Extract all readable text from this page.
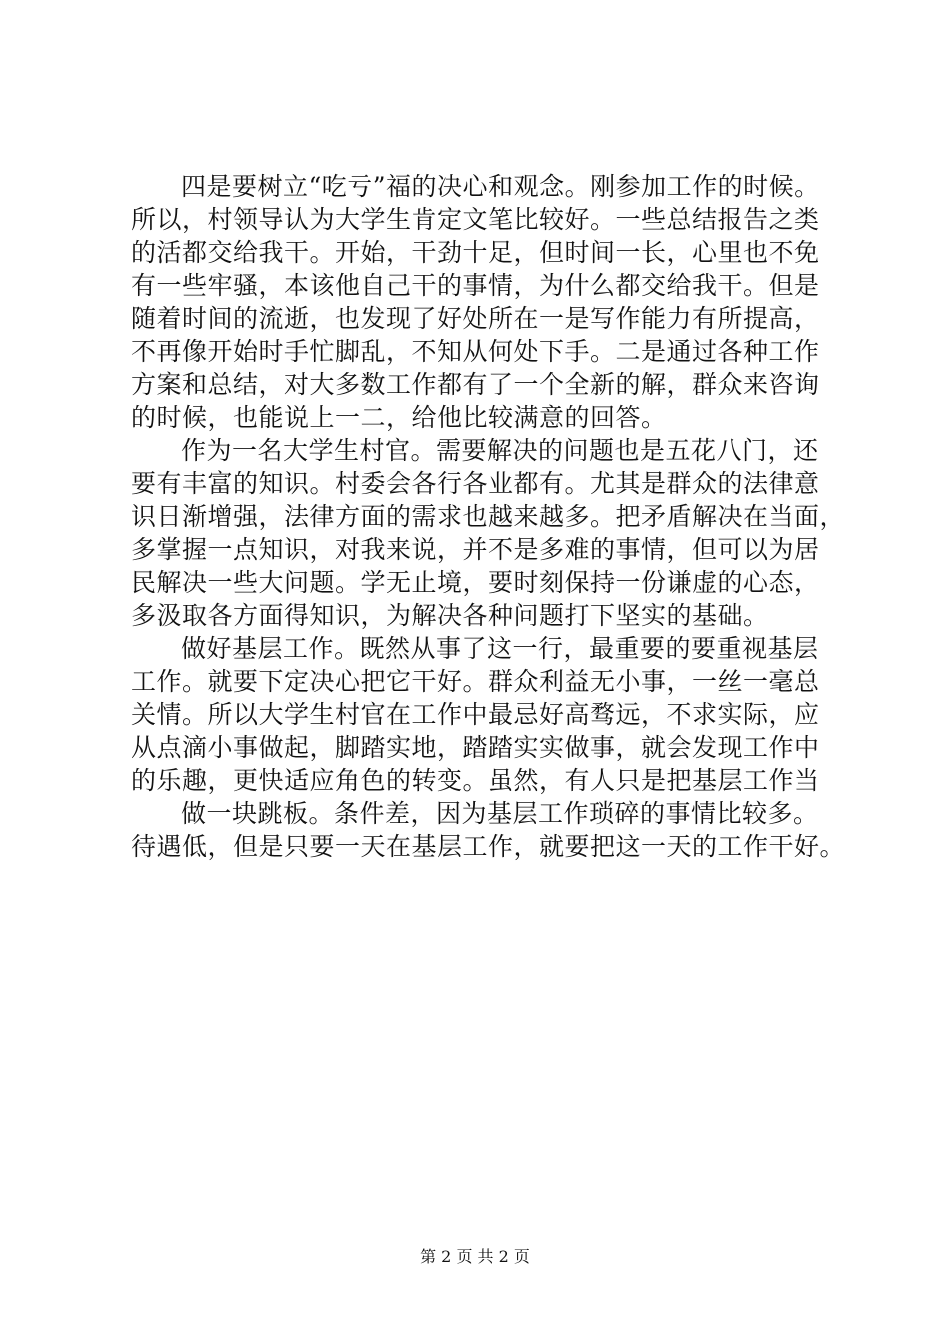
四是要树立“吃亏”福的决心和观念。刚参加工作的时候。
所以，村领导认为大学生肯定文笔比较好。一些总结报告之类
的活都交给我干。开始，干劲十足，但时间一长，心里也不免
有一些牢骚，本该他自己干的事情，为什么都交给我干。但是
随着时间的流逝，也发现了好处所在一是写作能力有所提高，
不再像开始时手忙脚乱，不知从何处下手。二是通过各种工作
方案和总结，对大多数工作都有了一个全新的解，群众来咨询
的时候，也能说上一二，给他比较满意的回答。
作为一名大学生村官。需要解决的问题也是五花八门，还
要有丰富的知识。村委会各行各业都有。尤其是群众的法律意
识日渐增强，法律方面的需求也越来越多。把矛盾解决在当面，
多掌握一点知识，对我来说，并不是多难的事情，但可以为居
民解决一些大问题。学无止境，要时刻保持一份谦虚的心态，
多汲取各方面得知识，为解决各种问题打下坚实的基础。
做好基层工作。既然从事了这一行，最重要的要重视基层
工作。就要下定决心把它干好。群众利益无小事，一丝一毫总
关情。所以大学生村官在工作中最忌好高骛远，不求实际，应
从点滴小事做起，脚踏实地，踏踏实实做事，就会发现工作中
的乐趣，更快适应角色的转变。虽然，有人只是把基层工作当
做一块跳板。条件差，因为基层工作琐碎的事情比较多。
待遇低，但是只要一天在基层工作，就要把这一天的工作干好。
第 2 页 共 2 页
